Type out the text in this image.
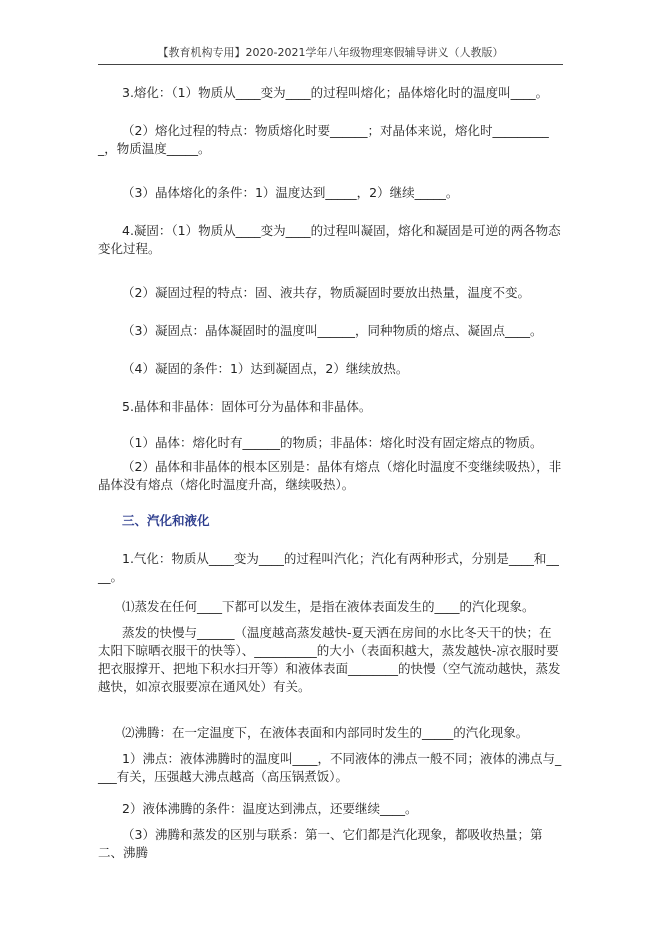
【教育机构专用】2020-2021学年八年级物理寒假辅导讲义（人教版）
3.熔化：（1）物质从____变为____的过程叫熔化；晶体熔化时的温度叫____。
（2）熔化过程的特点：物质熔化时要______；对晶体来说，熔化时__________，物质温度_____。
（3）晶体熔化的条件：1）温度达到_____，2）继续_____。
4.凝固：（1）物质从____变为____的过程叫凝固，熔化和凝固是可逆的两各物态变化过程。
（2）凝固过程的特点：固、液共存，物质凝固时要放出热量，温度不变。
（3）凝固点：晶体凝固时的温度叫______，同种物质的熔点、凝固点____。
（4）凝固的条件：1）达到凝固点，2）继续放热。
5.晶体和非晶体：固体可分为晶体和非晶体。
（1）晶体：熔化时有______的物质；非晶体：熔化时没有固定熔点的物质。
（2）晶体和非晶体的根本区别是：晶体有熔点（熔化时温度不变继续吸热），非晶体没有熔点（熔化时温度升高，继续吸热）。
三、汽化和液化
1.气化：物质从____变为____的过程叫汽化；汽化有两种形式，分别是____和____。
⑴蒸发在任何____下都可以发生，是指在液体表面发生的____的汽化现象。
蒸发的快慢与______（温度越高蒸发越快-夏天洒在房间的水比冬天干的快；在太阳下晾晒衣服干的快等）、__________的大小（表面积越大，蒸发越快-凉衣服时要把衣服撑开、把地下积水扫开等）和液体表面________的快慢（空气流动越快，蒸发越快，如凉衣服要凉在通风处）有关。
⑵沸腾：在一定温度下，在液体表面和内部同时发生的_____的汽化现象。
1）沸点：液体沸腾时的温度叫____，不同液体的沸点一般不同；液体的沸点与____有关，压强越大沸点越高（高压锅煮饭）。
2）液体沸腾的条件：温度达到沸点，还要继续____。
（3）沸腾和蒸发的区别与联系：第一、它们都是汽化现象，都吸收热量；第二、沸腾
